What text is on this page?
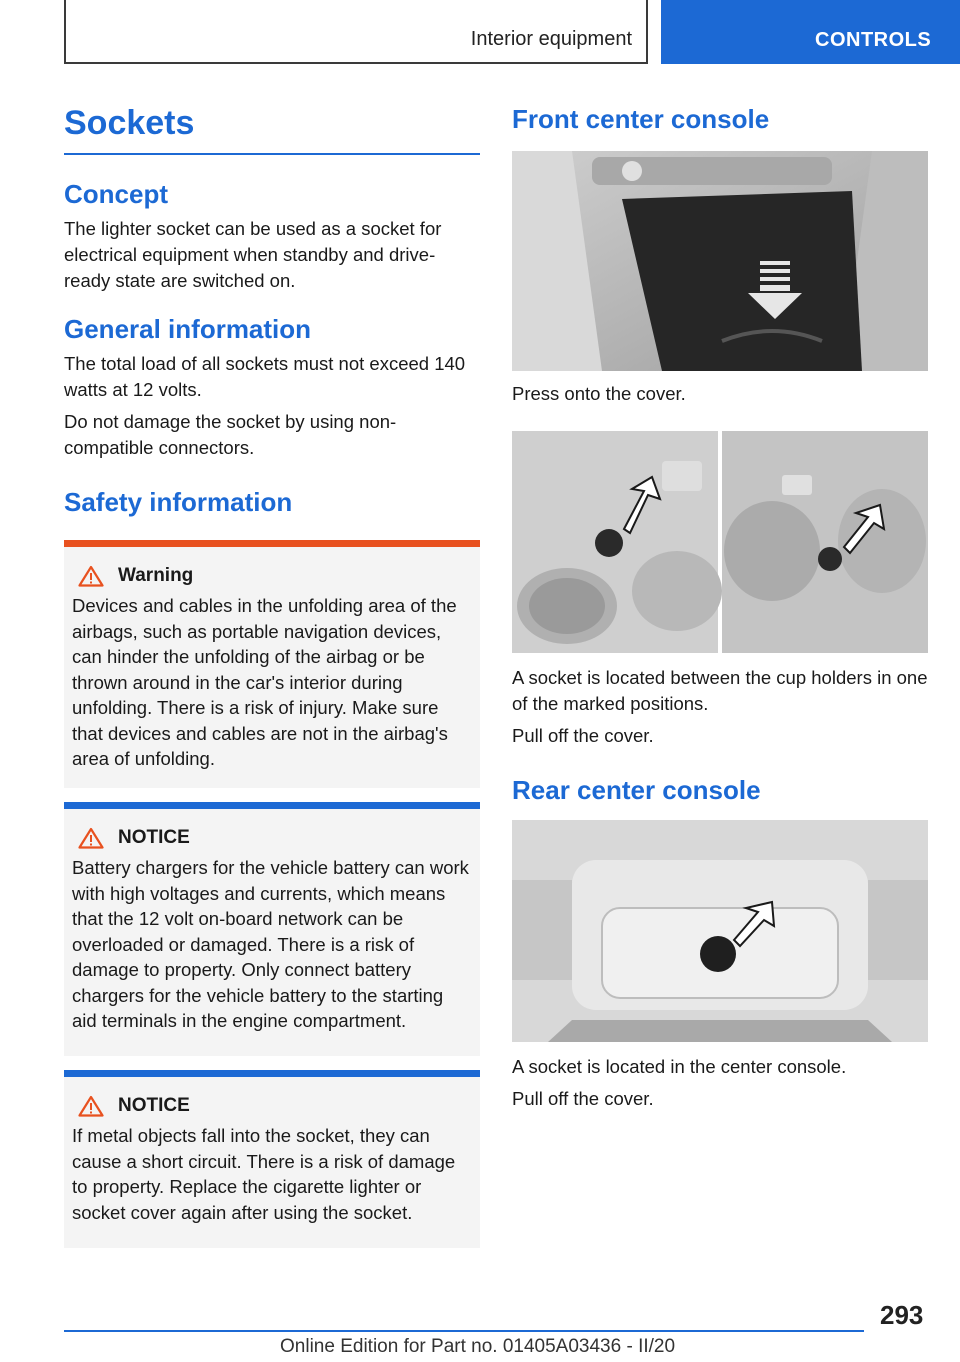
Interior equipment	CONTROLS
Sockets
Concept

The lighter socket can be used as a socket for electrical equipment when standby and drive-ready state are switched on.

General information

The total load of all sockets must not exceed 140 watts at 12 volts.

Do not damage the socket by using non-compatible connectors.

Safety information
Warning

Devices and cables in the unfolding area of the airbags, such as portable navigation devices, can hinder the unfolding of the airbag or be thrown around in the car's interior during unfolding. There is a risk of injury. Make sure that devices and cables are not in the airbag's area of unfolding.

NOTICE

Battery chargers for the vehicle battery can work with high voltages and currents, which means that the 12 volt on-board network can be overloaded or damaged. There is a risk of damage to property. Only connect battery chargers for the vehicle battery to the starting aid terminals in the engine compartment.

NOTICE

If metal objects fall into the socket, they can cause a short circuit. There is a risk of damage to property. Replace the cigarette lighter or socket cover again after using the socket.

Front center console

Press onto the cover.

A socket is located between the cup holders in one of the marked positions.

Pull off the cover.

Rear center console

A socket is located in the center console.

Pull off the cover.

293
Online Edition for Part no. 01405A03436 - II/20
